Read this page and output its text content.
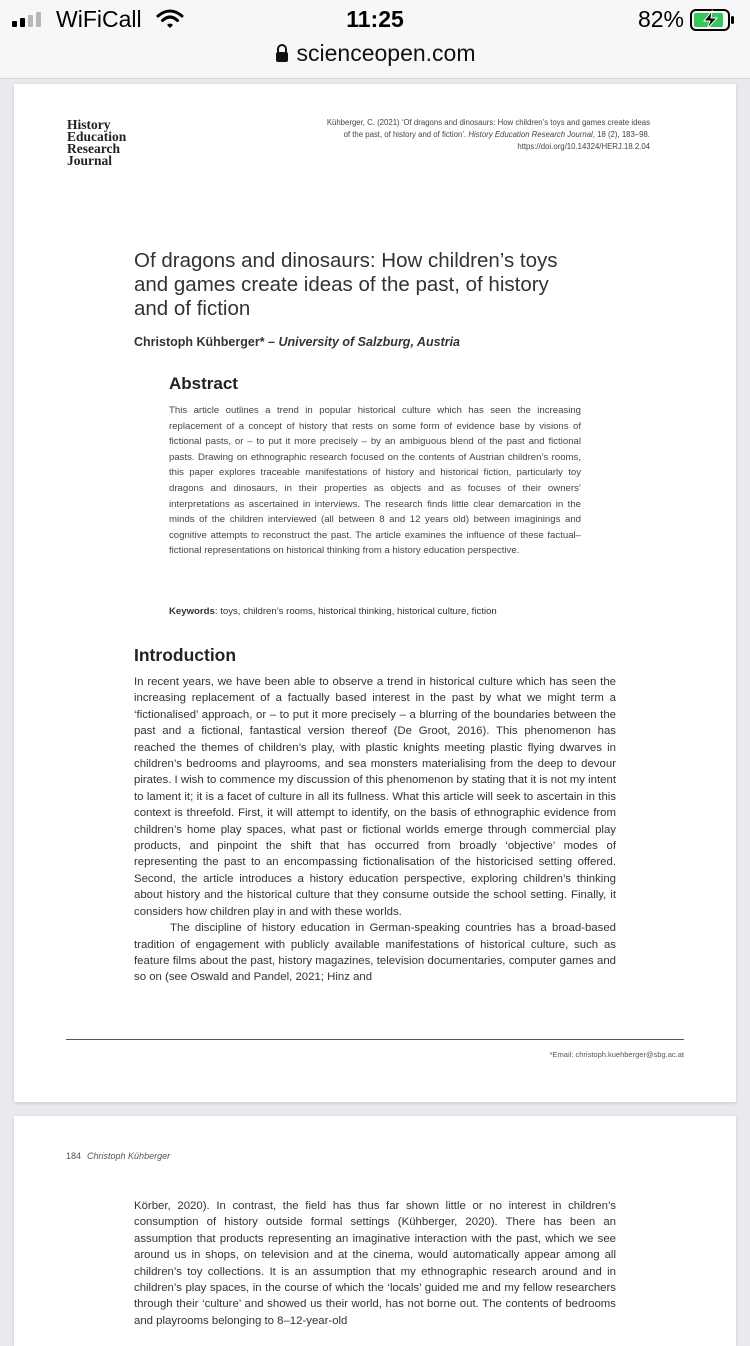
WiFiCall	11:25	82%
scienceopen.com
History
Education
Research
Journal
Kühberger, C. (2021) ‘Of dragons and dinosaurs: How children’s toys and games create ideas of the past, of history and of fiction’. History Education Research Journal, 18 (2), 183–98. https://doi.org/10.14324/HERJ.18.2.04
Of dragons and dinosaurs: How children’s toys and games create ideas of the past, of history and of fiction
Christoph Kühberger* – University of Salzburg, Austria
Abstract
This article outlines a trend in popular historical culture which has seen the increasing replacement of a concept of history that rests on some form of evidence base by visions of fictional pasts, or – to put it more precisely – by an ambiguous blend of the past and fictional pasts. Drawing on ethnographic research focused on the contents of Austrian children’s rooms, this paper explores traceable manifestations of history and historical fiction, particularly toy dragons and dinosaurs, in their properties as objects and as focuses of their owners’ interpretations as ascertained in interviews. The research finds little clear demarcation in the minds of the children interviewed (all between 8 and 12 years old) between imaginings and cognitive attempts to reconstruct the past. The article examines the influence of these factual–fictional representations on historical thinking from a history education perspective.
Keywords: toys, children’s rooms, historical thinking, historical culture, fiction
Introduction

In recent years, we have been able to observe a trend in historical culture which has seen the increasing replacement of a factually based interest in the past by what we might term a ‘fictionalised’ approach, or – to put it more precisely – a blurring of the boundaries between the past and a fictional, fantastical version thereof (De Groot, 2016). This phenomenon has reached the themes of children’s play, with plastic knights meeting plastic flying dwarves in children’s bedrooms and playrooms, and sea monsters materialising from the deep to devour pirates. I wish to commence my discussion of this phenomenon by stating that it is not my intent to lament it; it is a facet of culture in all its fullness. What this article will seek to ascertain in this context is threefold. First, it will attempt to identify, on the basis of ethnographic evidence from children’s home play spaces, what past or fictional worlds emerge through commercial play products, and pinpoint the shift that has occurred from broadly ‘objective’ modes of representing the past to an encompassing fictionalisation of the historicised setting offered. Second, the article introduces a history education perspective, exploring children’s thinking about history and the historical culture that they consume outside the school setting. Finally, it considers how children play in and with these worlds.

The discipline of history education in German-speaking countries has a broad-based tradition of engagement with publicly available manifestations of historical culture, such as feature films about the past, history magazines, television documentaries, computer games and so on (see Oswald and Pandel, 2021; Hinz and

*Email: christoph.kuehberger@sbg.ac.at
184 Christoph Kühberger
Körber, 2020). In contrast, the field has thus far shown little or no interest in children’s consumption of history outside formal settings (Kühberger, 2020). There has been an assumption that products representing an imaginative interaction with the past, which we see around us in shops, on television and at the cinema, would automatically appear among all children’s toy collections. It is an assumption that my ethnographic research around and in children’s play spaces, in the course of which the ‘locals’ guided me and my fellow researchers through their ‘culture’ and showed us their world, has not borne out. The contents of bedrooms and playrooms belonging to 8–12-year-old
